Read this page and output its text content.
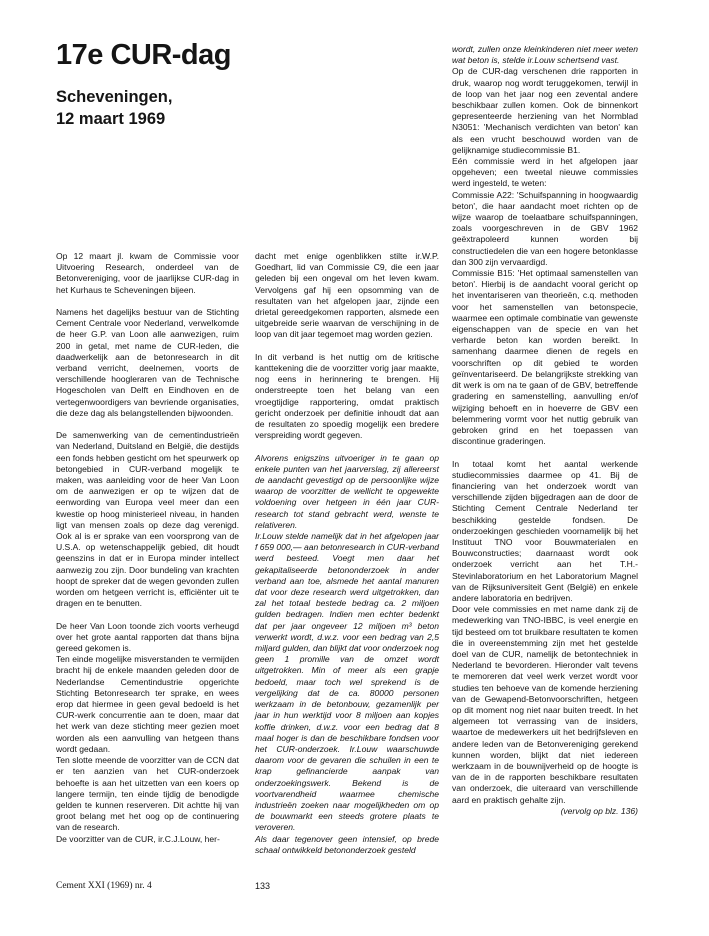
17e CUR-dag
Scheveningen,
12 maart 1969

Op 12 maart jl. kwam de Commissie voor Uitvoering Research, onderdeel van de Betonvereniging, voor de jaarlijkse CUR-dag in het Kurhaus te Scheveningen bijeen.

Namens het dagelijks bestuur van de Stichting Cement Centrale voor Nederland, verwelkomde de heer G.P. van Loon alle aanwezigen, ruim 200 in getal, met name de CUR-leden, die daadwerkelijk aan de betonresearch in dit verband verricht, deelnemen, voorts de verschillende hoogleraren van de Technische Hogescholen van Delft en Eindhoven en de vertegenwoordigers van bevriende organisaties, die deze dag als belangstellenden bijwoonden.

De samenwerking van de cementindustrieën van Nederland, Duitsland en België, die destijds een fonds hebben gesticht om het speurwerk op betongebied in CUR-verband mogelijk te maken, was aanleiding voor de heer Van Loon om de aanwezigen er op te wijzen dat de eenwording van Europa veel meer dan een kwestie op hoog ministerieel niveau, in handen ligt van mensen zoals op deze dag verenigd. Ook al is er sprake van een voorsprong van de U.S.A. op wetenschappelijk gebied, dit houdt geenszins in dat er in Europa minder intellect aanwezig zou zijn. Door bundeling van krachten hoopt de spreker dat de wegen gevonden zullen worden om hetgeen verricht is, efficiënter uit te dragen en te benutten.

De heer Van Loon toonde zich voorts verheugd over het grote aantal rapporten dat thans bijna gereed gekomen is.

Ten einde mogelijke misverstanden te vermijden bracht hij de enkele maanden geleden door de Nederlandse Cementindustrie opgerichte Stichting Betonresearch ter sprake, en wees erop dat hiermee in geen geval bedoeld is het CUR-werk concurrentie aan te doen, maar dat het werk van deze stichting meer gezien moet worden als een aanvulling van hetgeen thans wordt gedaan.

Ten slotte meende de voorzitter van de CCN dat er ten aanzien van het CUR-onderzoek behoefte is aan het uitzetten van een koers op langere termijn, ten einde tijdig de benodigde gelden te kunnen reserveren. Dit achtte hij van groot belang met het oog op de continuering van de research.

De voorzitter van de CUR, ir.C.J.Louw, her-

dacht met enige ogenblikken stilte ir.W.P. Goedhart, lid van Commissie C9, die een jaar geleden bij een ongeval om het leven kwam. Vervolgens gaf hij een opsomming van de resultaten van het afgelopen jaar, zijnde een drietal gereedgekomen rapporten, alsmede een uitgebreide serie waarvan de verschijning in de loop van dit jaar tegemoet mag worden gezien.

In dit verband is het nuttig om de kritische kanttekening die de voorzitter vorig jaar maakte, nog eens in herinnering te brengen. Hij onderstreepte toen het belang van een vroegtijdige rapportering, omdat praktisch gericht onderzoek per definitie inhoudt dat aan de resultaten zo spoedig mogelijk een bredere verspreiding wordt gegeven.

Alvorens enigszins uitvoeriger in te gaan op enkele punten van het jaarverslag, zij allereerst de aandacht gevestigd op de persoonlijke wijze waarop de voorzitter de wellicht te opgewekte voldoening over hetgeen in één jaar CUR-research tot stand gebracht werd, wenste te relativeren.

Ir.Louw stelde namelijk dat in het afgelopen jaar f 659 000,— aan betonresearch in CUR-verband werd besteed. Voegt men daar het gekapitaliseerde betononderzoek in ander verband aan toe, alsmede het aantal manuren dat voor deze research werd uitgetrokken, dan zal het totaal bestede bedrag ca. 2 miljoen gulden bedragen. Indien men echter bedenkt dat per jaar ongeveer 12 miljoen m³ beton verwerkt wordt, d.w.z. voor een bedrag van 2,5 miljard gulden, dan blijkt dat voor onderzoek nog geen 1 promille van de omzet wordt uitgetrokken. Min of meer als een grapje bedoeld, maar toch wel sprekend is de vergelijking dat de ca. 80000 personen werkzaam in de betonbouw, gezamenlijk per jaar in hun werktijd voor 8 miljoen aan kopjes koffie drinken, d.w.z. voor een bedrag dat 8 maal hoger is dan de beschikbare fondsen voor het CUR-onderzoek. Ir.Louw waarschuwde daarom voor de gevaren die schuilen in een te krap gefinancierde aanpak van onderzoekingswerk. Bekend is de voortvarendheid waarmee chemische industrieën zoeken naar mogelijkheden om op de bouwmarkt een steeds grotere plaats te veroveren.

Als daar tegenover geen intensief, op brede schaal ontwikkeld betononderzoek gesteld

wordt, zullen onze kleinkinderen niet meer weten wat beton is, stelde ir.Louw schertsend vast.

Op de CUR-dag verschenen drie rapporten in druk, waarop nog wordt teruggekomen, terwijl in de loop van het jaar nog een zevental andere beschikbaar zullen komen. Ook de binnenkort gepresenteerde herziening van het Normblad N3051: 'Mechanisch verdichten van beton' kan als een vrucht beschouwd worden van de gelijknamige studiecommissie B1.

Eén commissie werd in het afgelopen jaar opgeheven; een tweetal nieuwe commissies werd ingesteld, te weten:

Commissie A22: 'Schuifspanning in hoogwaardig beton', die haar aandacht moet richten op de wijze waarop de toelaatbare schuifspanningen, zoals voorgeschreven in de GBV 1962 geëxtrapoleerd kunnen worden bij constructiedelen die van een hogere betonklasse dan 300 zijn vervaardigd.

Commissie B15: 'Het optimaal samenstellen van beton'. Hierbij is de aandacht vooral gericht op het inventariseren van theorieën, c.q. methoden voor het samenstellen van betonspecie, waarmee een optimale combinatie van gewenste eigenschappen van de specie en van het verharde beton kan worden bereikt. In samenhang daarmee dienen de regels en voorschriften op dit gebied te worden geïnventariseerd. De belangrijkste strekking van dit werk is om na te gaan of de GBV, betreffende gradering en samenstelling, aanvulling en/of wijziging behoeft en in hoeverre de GBV een belemmering vormt voor het nuttig gebruik van gebroken grind en het toepassen van discontinue graderingen.

In totaal komt het aantal werkende studiecommissies daarmee op 41. Bij de financiering van het onderzoek wordt van verschillende zijden bijgedragen aan de door de Stichting Cement Centrale Nederland ter beschikking gestelde fondsen. De onderzoekingen geschieden voornamelijk bij het Instituut TNO voor Bouwmaterialen en Bouwconstructies; daarnaast wordt ook onderzoek verricht aan het T.H.-Stevinlaboratorium en het Laboratorium Magnel van de Rijksuniversiteit Gent (België) en enkele andere laboratoria en bedrijven.

Door vele commissies en met name dank zij de medewerking van TNO-IBBC, is veel energie en tijd besteed om tot bruikbare resultaten te komen die in overeenstemming zijn met het gestelde doel van de CUR, namelijk de betontechniek in Nederland te bevorderen. Hieronder valt tevens te memoreren dat veel werk verzet wordt voor studies ten behoeve van de komende herziening van de Gewapend-Betonvoorschriften, hetgeen op dit moment nog niet naar buiten treedt. In het algemeen tot verrassing van de insiders, waartoe de medewerkers uit het bedrijfsleven en andere leden van de Betonvereniging gerekend kunnen worden, blijkt dat niet iedereen werkzaam in de bouwnijverheid op de hoogte is van de in de rapporten beschikbare resultaten van onderzoek, die uiteraard van verschillende aard en praktisch gehalte zijn.

(vervolg op blz. 136)

Cement XXI (1969) nr. 4	133
